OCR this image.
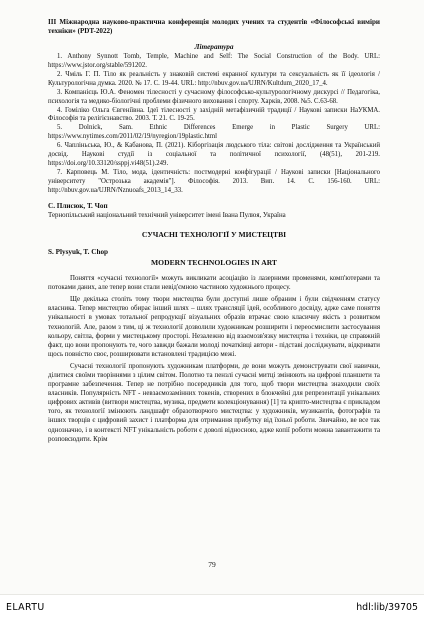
III Міжнародна науково-практична конференція молодих учених та студентів «Філософські виміри техніки» (PDT-2022)

Література

1. Anthony Synnott Tomb, Temple, Machine and Self: The Social Construction of the Body. URL: https://www.jstor.org/stable/591202.
2. Чміль Г. П. Тіло як реальність у знаковій системі екранної культури та сексуальність як її ідеологія / Культурологічна думка. 2020. № 17. С. 19-44. URL: http://nbuv.gov.ua/UJRN/Kultdum_2020_17_4.
3. Компанієць Ю.А. Феномен тілесності у сучасному філософсько-культурологічному дискурсі // Педагогіка, психологія та медико-біологічні проблеми фізичного виховання і спорту. Харків, 2008. №5. С.63-68.
4. Гоміліко Ольга Євгеніївна. Ідеї тілесності у західній метафізичній традиції / Наукові записки НаУКМА. Філософія та релігієзнавство. 2003. Т. 21. С. 19-25.
5. Dolnick, Sam. Ethnic Differences Emerge in Plastic Surgery URL: https://www.nytimes.com/2011/02/19/nyregion/19plastic.html
6. Чапліньська, Ю., & Кабанова, П. (2021). Кіборгізація людського тіла: світові дослідження та Український досвід. Наукові студії із соціальної та політичної психології, (48(51), 201-219. https://doi.org/10.33120/ssppj.vi48(51).249.
7. Карповець М. Тіло, мода, ідентичність: постмодерні конфігурації / Наукові записки [Національного університету "Острозька академія"]. Філософія. 2013. Вип. 14. С. 156-160. URL: http://nbuv.gov.ua/UJRN/Nznuoafs_2013_14_33.

С. Плисюк, Т. Чоп

Тернопільський національний технічний університет імені Івана Пулюя, Україна

СУЧАСНІ ТЕХНОЛОГІЇ У МИСТЕЦТВІ

S. Plysyuk, T. Chop

MODERN TECHNOLOGIES IN ART

Поняття «сучасні технології» можуть викликати асоціацію із лазерними променями, комп'ютерами та потоками даних, але тепер вони стали невід'ємною частиною художнього процесу.

Ще декілька століть тому твори мистецтва були доступні лише обраним і були свідченням статусу власника. Тепер мистецтво обирає інший шлях – шлях трансляції ідей, особливого досвіду, адже саме поняття унікальності в умовах тотальної репродукції візуальних образів втрачає свою класичну якість з розвитком технологій. Але, разом з тим, ці ж технології дозволили художникам розширити і переосмислити застосування кольору, світла, форми у мистецькому просторі. Незалежно від взаємозв'язку мистецтва і техніки, це справжній факт, що вони пропонують те, чого завжди бажали молоді початківці автори - підставі досліджувати, відкривати щось повністю своє, розширювати встановлені традицією межі.

Сучасні технології пропонують художникам платформи, де вони можуть демонструвати свої навички, ділитися своїми творіннями з цілим світом. Полотно та пензлі сучасні митці змінюють на цифрові планшети та програмне забезпечення. Тепер не потрібно посередників для того, щоб твори мистецтва знаходили своїх власників. Популярність NFT - невзаємозамінних токенів, створених в блокчейні для репрезентації унікальних цифрових активів (витвори мистецтва, музика, предмети колекціонування) [1] та крипто-мистецтва є прикладом того, як технології змінюють ландшафт образотворчого мистецтва: у художників, музикантів, фотографів та інших творців є цифровий захист і платформа для отримання прибутку від їхньої роботи. Звичайно, ве все так однозначно, і в контексті NFT унікальність роботи є доволі відносною, адже копії роботи можна завантажити та розповсюдити. Крім

79
ELARTU	hdl:lib/39705
